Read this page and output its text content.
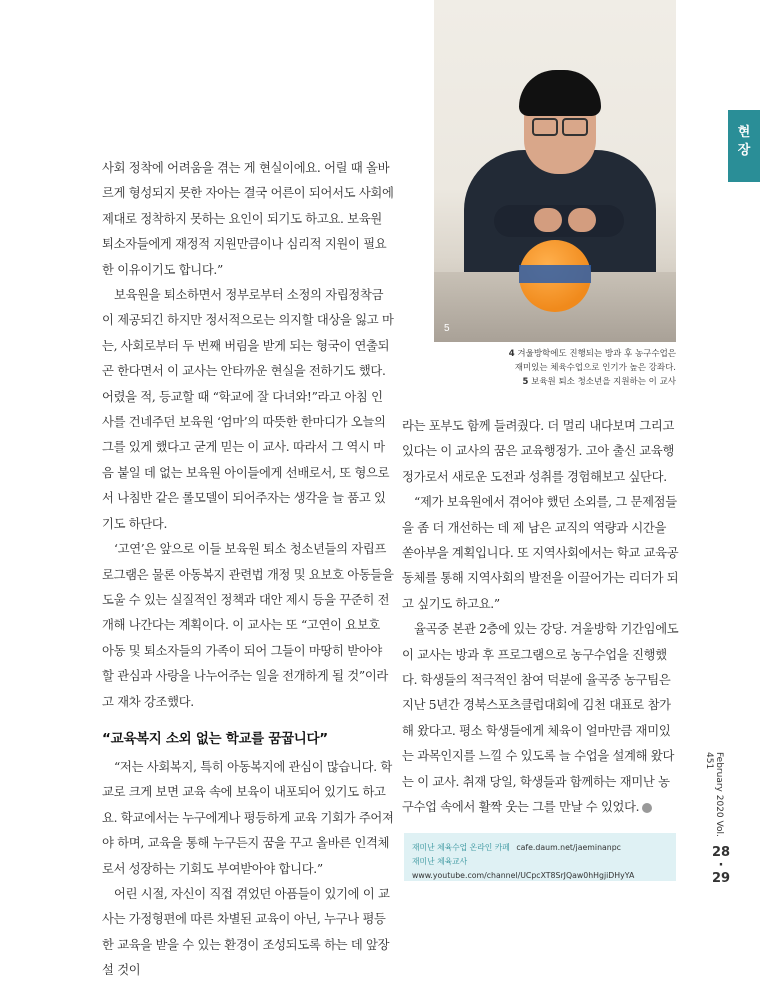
5
4 겨울방학에도 진행되는 방과 후 농구수업은
재미있는 체육수업으로 인기가 높은 강좌다.
5 보육원 퇴소 청소년을 지원하는 이 교사
현
장

사회 정착에 어려움을 겪는 게 현실이에요. 어릴 때 올바르게 형성되지 못한 자아는 결국 어른이 되어서도 사회에 제대로 정착하지 못하는 요인이 되기도 하고요. 보육원 퇴소자들에게 재정적 지원만큼이나 심리적 지원이 필요한 이유이기도 합니다.”

보육원을 퇴소하면서 정부로부터 소정의 자립정착금이 제공되긴 하지만 정서적으로는 의지할 대상을 잃고 마는, 사회로부터 두 번째 버림을 받게 되는 형국이 연출되곤 한다면서 이 교사는 안타까운 현실을 전하기도 했다. 어렸을 적, 등교할 때 “학교에 잘 다녀와!”라고 아침 인사를 건네주던 보육원 ‘엄마’의 따뜻한 한마디가 오늘의 그를 있게 했다고 굳게 믿는 이 교사. 따라서 그 역시 마음 붙일 데 없는 보육원 아이들에게 선배로서, 또 형으로서 나침반 같은 롤모델이 되어주자는 생각을 늘 품고 있기도 하단다.

‘고연’은 앞으로 이들 보육원 퇴소 청소년들의 자립프로그램은 물론 아동복지 관련법 개정 및 요보호 아동들을 도울 수 있는 실질적인 정책과 대안 제시 등을 꾸준히 전개해 나간다는 계획이다. 이 교사는 또 “고연이 요보호 아동 및 퇴소자들의 가족이 되어 그들이 마땅히 받아야 할 관심과 사랑을 나누어주는 일을 전개하게 될 것”이라고 재차 강조했다.

“교육복지 소외 없는 학교를 꿈꿉니다”

“저는 사회복지, 특히 아동복지에 관심이 많습니다. 학교로 크게 보면 교육 속에 보육이 내포되어 있기도 하고요. 학교에서는 누구에게나 평등하게 교육 기회가 주어져야 하며, 교육을 통해 누구든지 꿈을 꾸고 올바른 인격체로서 성장하는 기회도 부여받아야 합니다.”

어린 시절, 자신이 직접 겪었던 아픔들이 있기에 이 교사는 가정형편에 따른 차별된 교육이 아닌, 누구나 평등한 교육을 받을 수 있는 환경이 조성되도록 하는 데 앞장설 것이

라는 포부도 함께 들려줬다. 더 멀리 내다보며 그리고 있다는 이 교사의 꿈은 교육행정가. 고아 출신 교육행정가로서 새로운 도전과 성취를 경험해보고 싶단다.

“제가 보육원에서 겪어야 했던 소외를, 그 문제점들을 좀 더 개선하는 데 제 남은 교직의 역량과 시간을 쏟아부을 계획입니다. 또 지역사회에서는 학교 교육공동체를 통해 지역사회의 발전을 이끌어가는 리더가 되고 싶기도 하고요.”

율곡중 본관 2층에 있는 강당. 겨울방학 기간임에도 이 교사는 방과 후 프로그램으로 농구수업을 진행했다. 학생들의 적극적인 참여 덕분에 율곡중 농구팀은 지난 5년간 경북스포츠클럽대회에 김천 대표로 참가해 왔다고. 평소 학생들에게 체육이 얼마만큼 재미있는 과목인지를 느낄 수 있도록 늘 수업을 설계해 왔다는 이 교사. 취재 당일, 학생들과 함께하는 재미난 농구수업 속에서 활짝 웃는 그를 만날 수 있었다.

재미난 체육수업 온라인 카페 cafe.daum.net/jaeminanpc
재미난 체육교사 www.youtube.com/channel/UCpcXT8SrJQaw0hHgjiDHyYA
February 2020 Vol. 451
28
·
29
